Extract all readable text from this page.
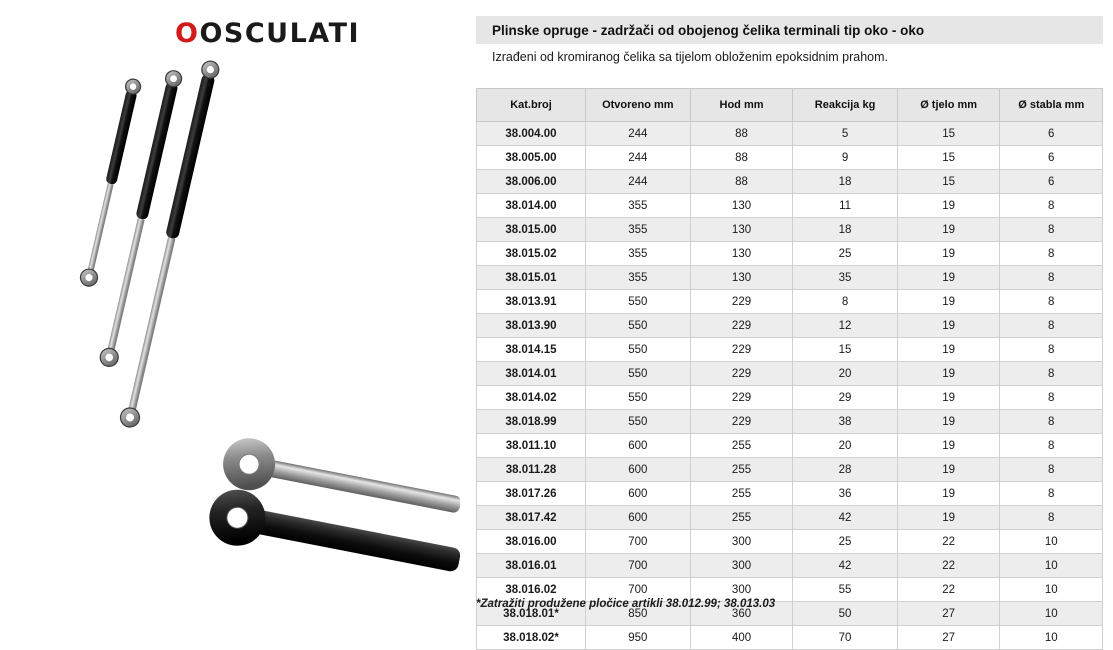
OOSCULATI	Plinske opruge - zadržači od obojenog čelika terminali tip oko - oko
Izrađeni od kromiranog čelika sa tijelom obloženim epoksidnim prahom.
Kat.broj	Otvoreno mm	Hod mm	Reakcija kg	Ø tjelo mm	Ø stabla mm
38.004.00	244	88	5	15	6
38.005.00	244	88	9	15	6
38.006.00	244	88	18	15	6
38.014.00	355	130	11	19	8
38.015.00	355	130	18	19	8
38.015.02	355	130	25	19	8
38.015.01	355	130	35	19	8
38.013.91	550	229	8	19	8
38.013.90	550	229	12	19	8
38.014.15	550	229	15	19	8
38.014.01	550	229	20	19	8
38.014.02	550	229	29	19	8
38.018.99	550	229	38	19	8
38.011.10	600	255	20	19	8
38.011.28	600	255	28	19	8
38.017.26	600	255	36	19	8
38.017.42	600	255	42	19	8
38.016.00	700	300	25	22	10
38.016.01	700	300	42	22	10
38.016.02	700	300	55	22	10
38.018.01*	850	360	50	27	10
38.018.02*	950	400	70	27	10
*Zatražiti produžene pločice artikli 38.012.99; 38.013.03
